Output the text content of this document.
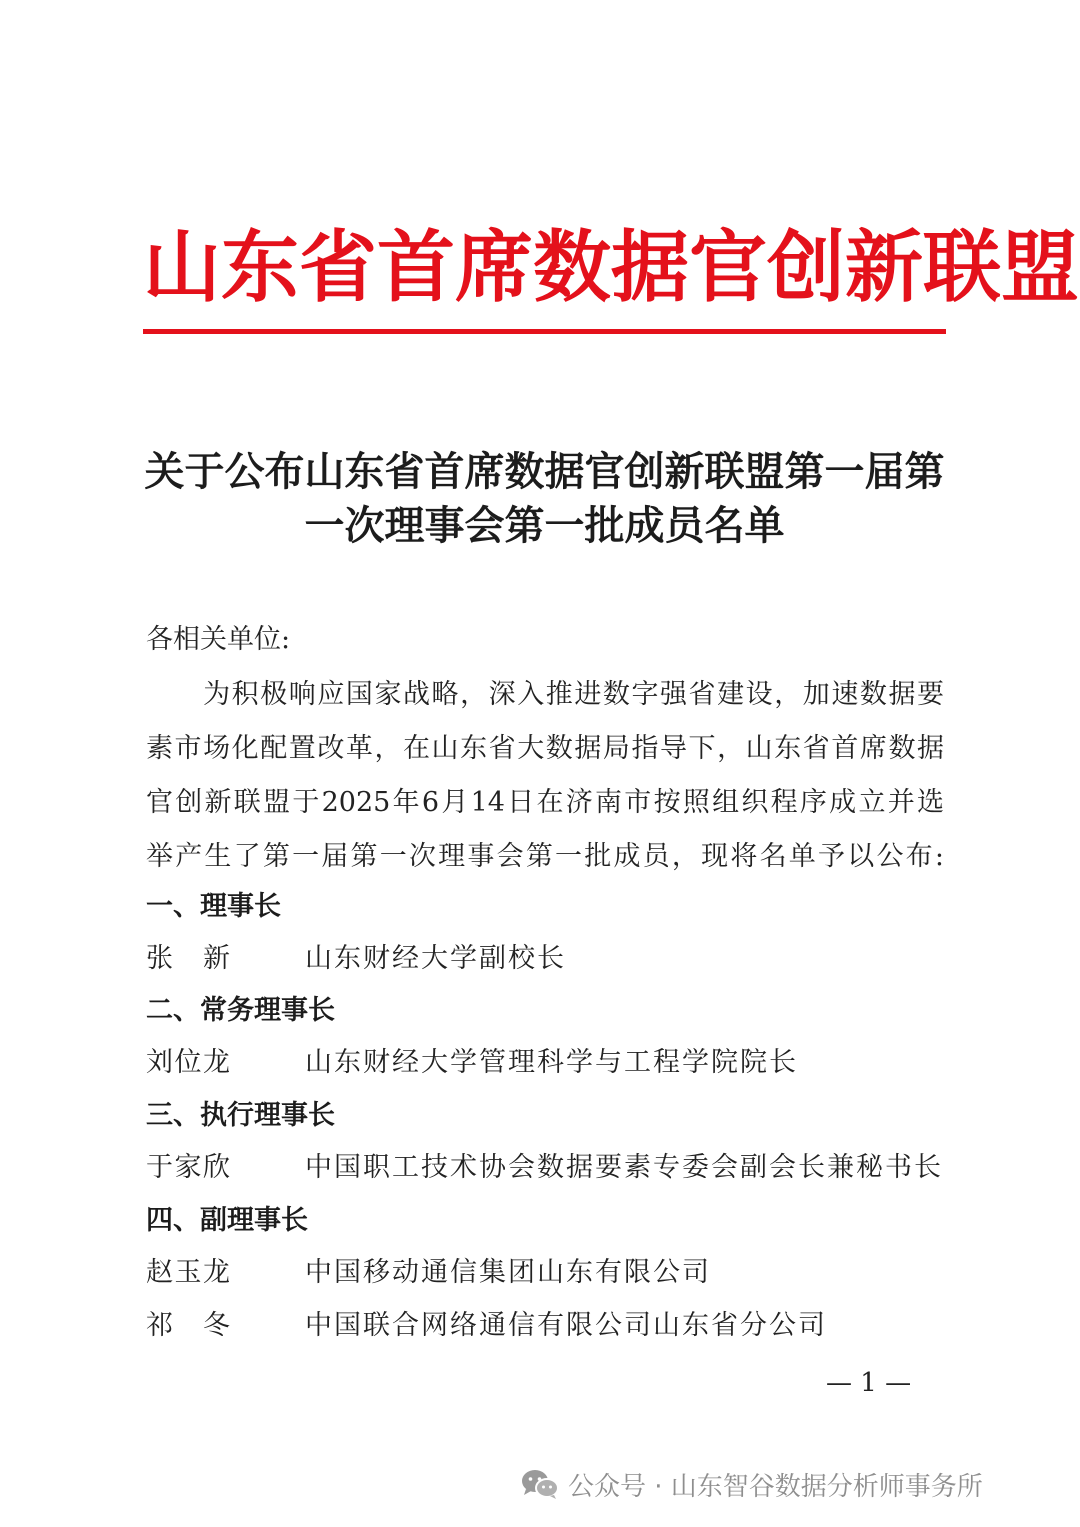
山东省首席数据官创新联盟
关于公布山东省首席数据官创新联盟第一届第
一次理事会第一批成员名单
各相关单位:
　　为积极响应国家战略，深入推进数字强省建设，加速数据要
素市场化配置改革，在山东省大数据局指导下，山东省首席数据
官创新联盟于2025年6月14日在济南市按照组织程序成立并选
举产生了第一届第一次理事会第一批成员，现将名单予以公布:
一、理事长
张新	山东财经大学副校长
二、常务理事长
刘位龙	山东财经大学管理科学与工程学院院长
三、执行理事长
于家欣	中国职工技术协会数据要素专委会副会长兼秘书长
四、副理事长
赵玉龙	中国移动通信集团山东有限公司
祁冬	中国联合网络通信有限公司山东省分公司
— 1 —
公众号 · 山东智谷数据分析师事务所
